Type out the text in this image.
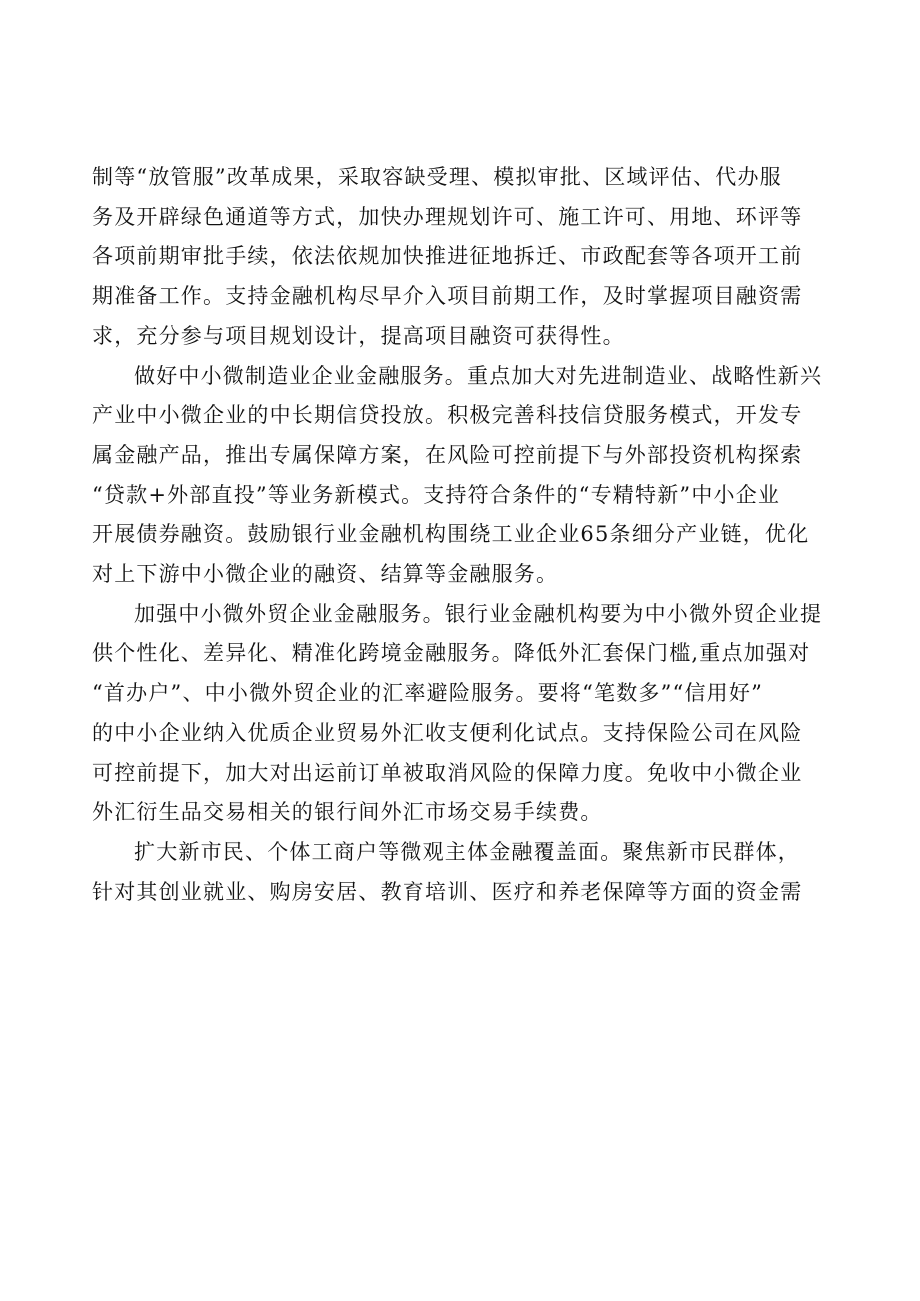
制等“放管服”改革成果，采取容缺受理、模拟审批、区域评估、代办服
务及开辟绿色通道等方式，加快办理规划许可、施工许可、用地、环评等
各项前期审批手续，依法依规加快推进征地拆迁、市政配套等各项开工前
期准备工作。支持金融机构尽早介入项目前期工作，及时掌握项目融资需
求，充分参与项目规划设计，提高项目融资可获得性。

做好中小微制造业企业金融服务。重点加大对先进制造业、战略性新兴
产业中小微企业的中长期信贷投放。积极完善科技信贷服务模式，开发专
属金融产品，推出专属保障方案，在风险可控前提下与外部投资机构探索
“贷款+外部直投”等业务新模式。支持符合条件的“专精特新”中小企业
开展债券融资。鼓励银行业金融机构围绕工业企业65条细分产业链，优化
对上下游中小微企业的融资、结算等金融服务。

加强中小微外贸企业金融服务。银行业金融机构要为中小微外贸企业提
供个性化、差异化、精准化跨境金融服务。降低外汇套保门槛,重点加强对
“首办户”、中小微外贸企业的汇率避险服务。要将“笔数多”“信用好”
的中小企业纳入优质企业贸易外汇收支便利化试点。支持保险公司在风险
可控前提下，加大对出运前订单被取消风险的保障力度。免收中小微企业
外汇衍生品交易相关的银行间外汇市场交易手续费。

扩大新市民、个体工商户等微观主体金融覆盖面。聚焦新市民群体，
针对其创业就业、购房安居、教育培训、医疗和养老保障等方面的资金需
